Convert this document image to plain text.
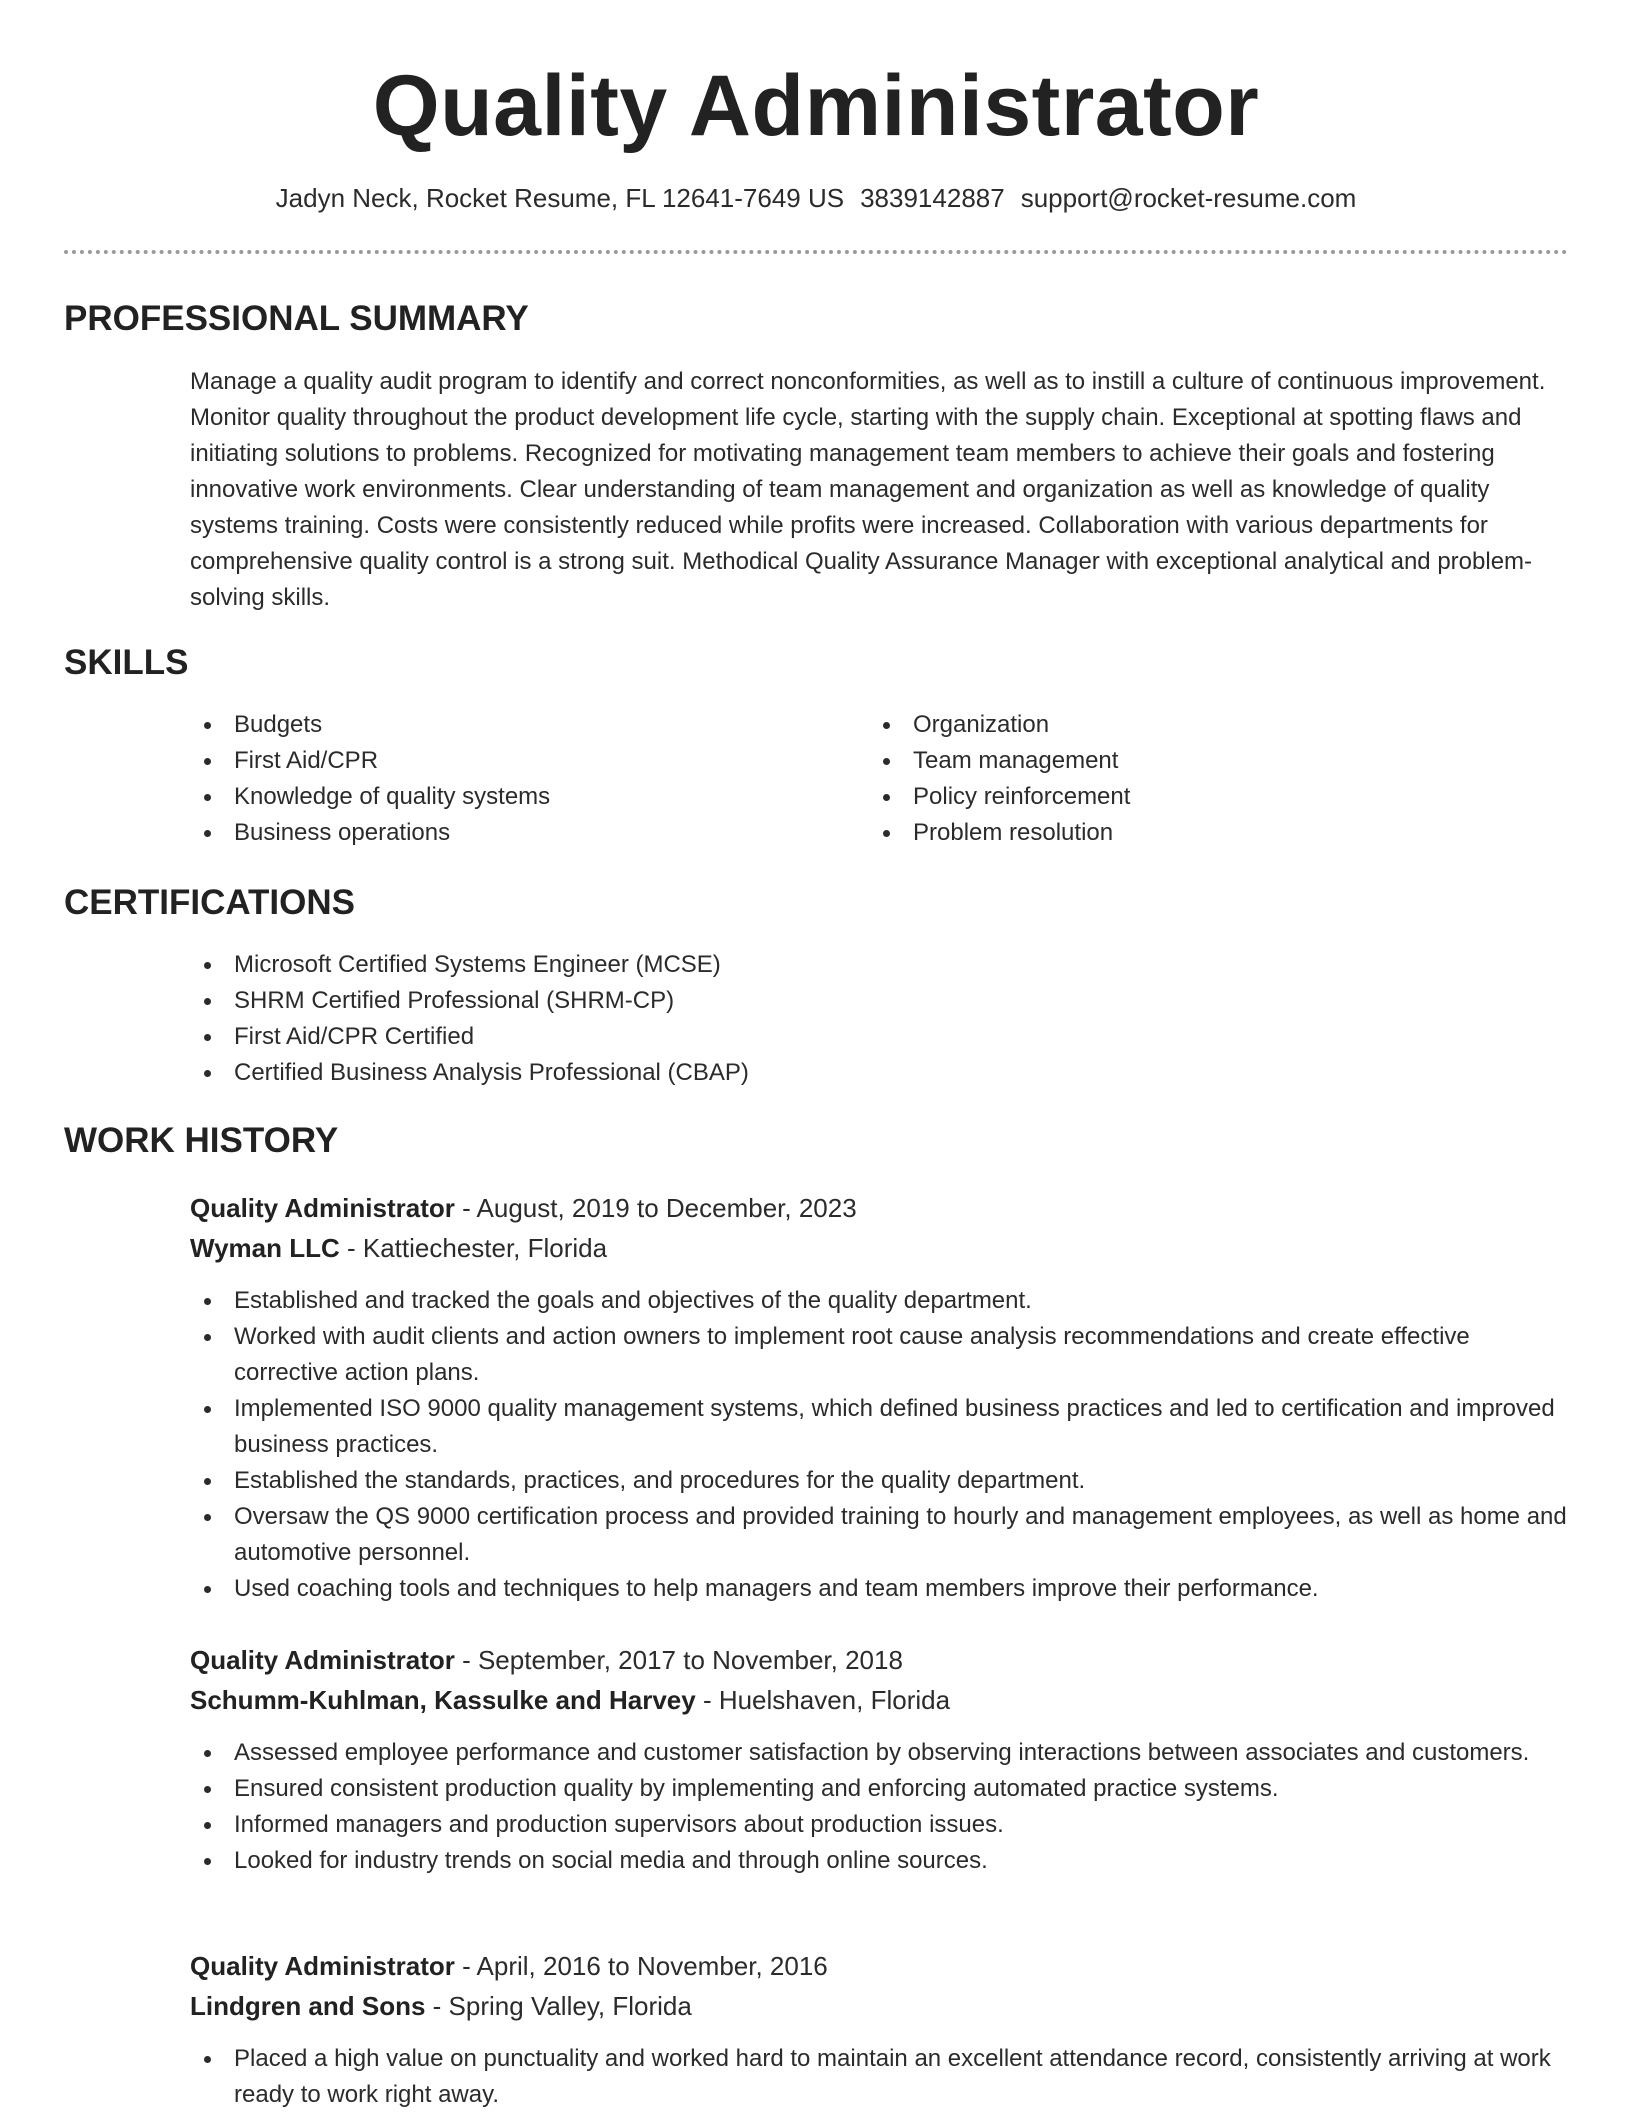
Quality Administrator
Jadyn Neck, Rocket Resume, FL 12641-7649 US 3839142887 support@rocket-resume.com
PROFESSIONAL SUMMARY
Manage a quality audit program to identify and correct nonconformities, as well as to instill a culture of continuous improvement. Monitor quality throughout the product development life cycle, starting with the supply chain. Exceptional at spotting flaws and initiating solutions to problems. Recognized for motivating management team members to achieve their goals and fostering innovative work environments. Clear understanding of team management and organization as well as knowledge of quality systems training. Costs were consistently reduced while profits were increased. Collaboration with various departments for comprehensive quality control is a strong suit. Methodical Quality Assurance Manager with exceptional analytical and problem-solving skills.
SKILLS
Budgets
First Aid/CPR
Knowledge of quality systems
Business operations
Organization
Team management
Policy reinforcement
Problem resolution
CERTIFICATIONS
Microsoft Certified Systems Engineer (MCSE)
SHRM Certified Professional (SHRM-CP)
First Aid/CPR Certified
Certified Business Analysis Professional (CBAP)
WORK HISTORY
Quality Administrator - August, 2019 to December, 2023
Wyman LLC - Kattiechester, Florida
Established and tracked the goals and objectives of the quality department.
Worked with audit clients and action owners to implement root cause analysis recommendations and create effective corrective action plans.
Implemented ISO 9000 quality management systems, which defined business practices and led to certification and improved business practices.
Established the standards, practices, and procedures for the quality department.
Oversaw the QS 9000 certification process and provided training to hourly and management employees, as well as home and automotive personnel.
Used coaching tools and techniques to help managers and team members improve their performance.
Quality Administrator - September, 2017 to November, 2018
Schumm-Kuhlman, Kassulke and Harvey - Huelshaven, Florida
Assessed employee performance and customer satisfaction by observing interactions between associates and customers.
Ensured consistent production quality by implementing and enforcing automated practice systems.
Informed managers and production supervisors about production issues.
Looked for industry trends on social media and through online sources.
Quality Administrator - April, 2016 to November, 2016
Lindgren and Sons - Spring Valley, Florida
Placed a high value on punctuality and worked hard to maintain an excellent attendance record, consistently arriving at work ready to work right away.
